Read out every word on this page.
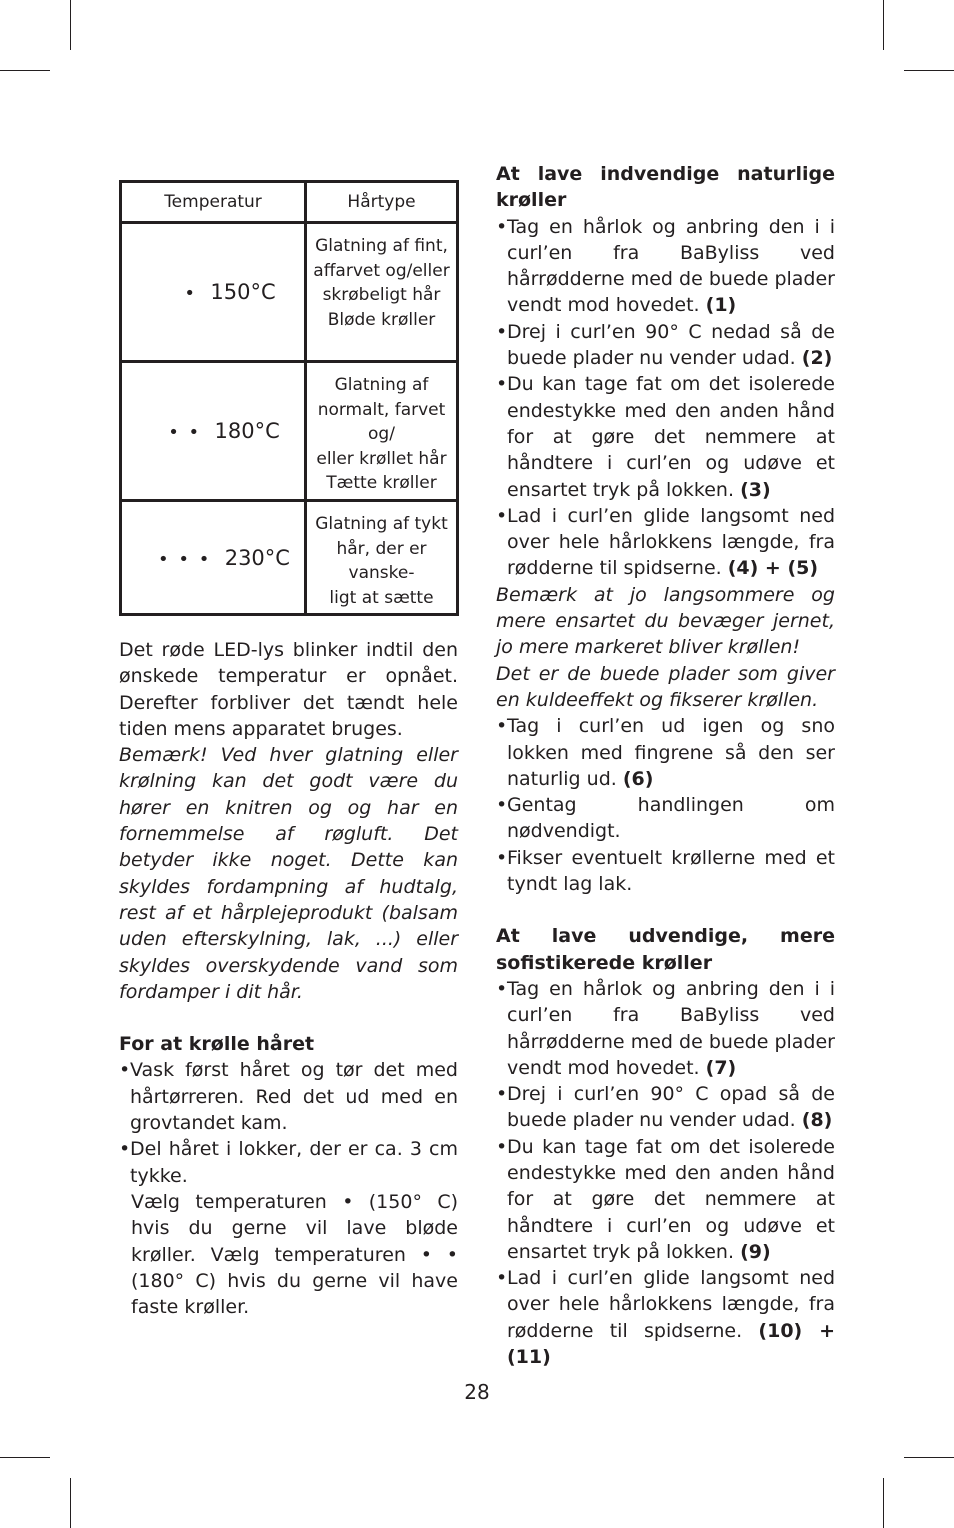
Temperatur	Hårtype
• 150°C	Glatning af fint,
affarvet og/eller
skrøbeligt hår
Bløde krøller

• • 180°C	Glatning af
normalt, farvet og/
eller krøllet hår
Tætte krøller

• • • 230°C	Glatning af tykt
hår, der er vanske-
ligt at sætte

Det røde LED-lys blinker indtil den ønskede temperatur er opnået. Derefter forbliver det tændt hele tiden mens apparatet bruges.

Bemærk! Ved hver glatning eller krølning kan det godt være du hører en knitren og og har en fornemmelse af røgluft. Det betyder ikke noget. Dette kan skyldes fordampning af hudtalg, rest af et hårplejeprodukt (balsam uden efterskylning, lak, ...) eller skyldes overskydende vand som fordamper i dit hår.

For at krølle håret

• Vask først håret og tør det med hårtørreren. Red det ud med en grovtandet kam.
• Del håret i lokker, der er ca. 3 cm tykke.

Vælg temperaturen • (150° C) hvis du gerne vil lave bløde krøller. Vælg temperaturen • • (180° C) hvis du gerne vil have faste krøller.

At lave indvendige naturlige krøller

• Tag en hårlok og anbring den i i curl’en fra BaByliss ved hårrødderne med de buede plader vendt mod hovedet. (1)
• Drej i curl’en 90° C nedad så de buede plader nu vender udad. (2)
• Du kan tage fat om det isolerede endestykke med den anden hånd for at gøre det nemmere at håndtere i curl’en og udøve et ensartet tryk på lokken. (3)
• Lad i curl’en glide langsomt ned over hele hårlokkens længde, fra rødderne til spidserne. (4) + (5)

Bemærk at jo langsommere og mere ensartet du bevæger jernet, jo mere markeret bliver krøllen!

Det er de buede plader som giver en kuldeeffekt og fikserer krøllen.

• Tag i curl’en ud igen og sno lokken med fingrene så den ser naturlig ud. (6)
• Gentag handlingen om nødvendigt.
• Fikser eventuelt krøllerne med et tyndt lag lak.

At lave udvendige, mere sofistikerede krøller

• Tag en hårlok og anbring den i i curl’en fra BaByliss ved hårrødderne med de buede plader vendt mod hovedet. (7)
• Drej i curl’en 90° C opad så de buede plader nu vender udad. (8)
• Du kan tage fat om det isolerede endestykke med den anden hånd for at gøre det nemmere at håndtere i curl’en og udøve et ensartet tryk på lokken. (9)
• Lad i curl’en glide langsomt ned over hele hårlokkens længde, fra rødderne til spidserne. (10) + (11)
28
